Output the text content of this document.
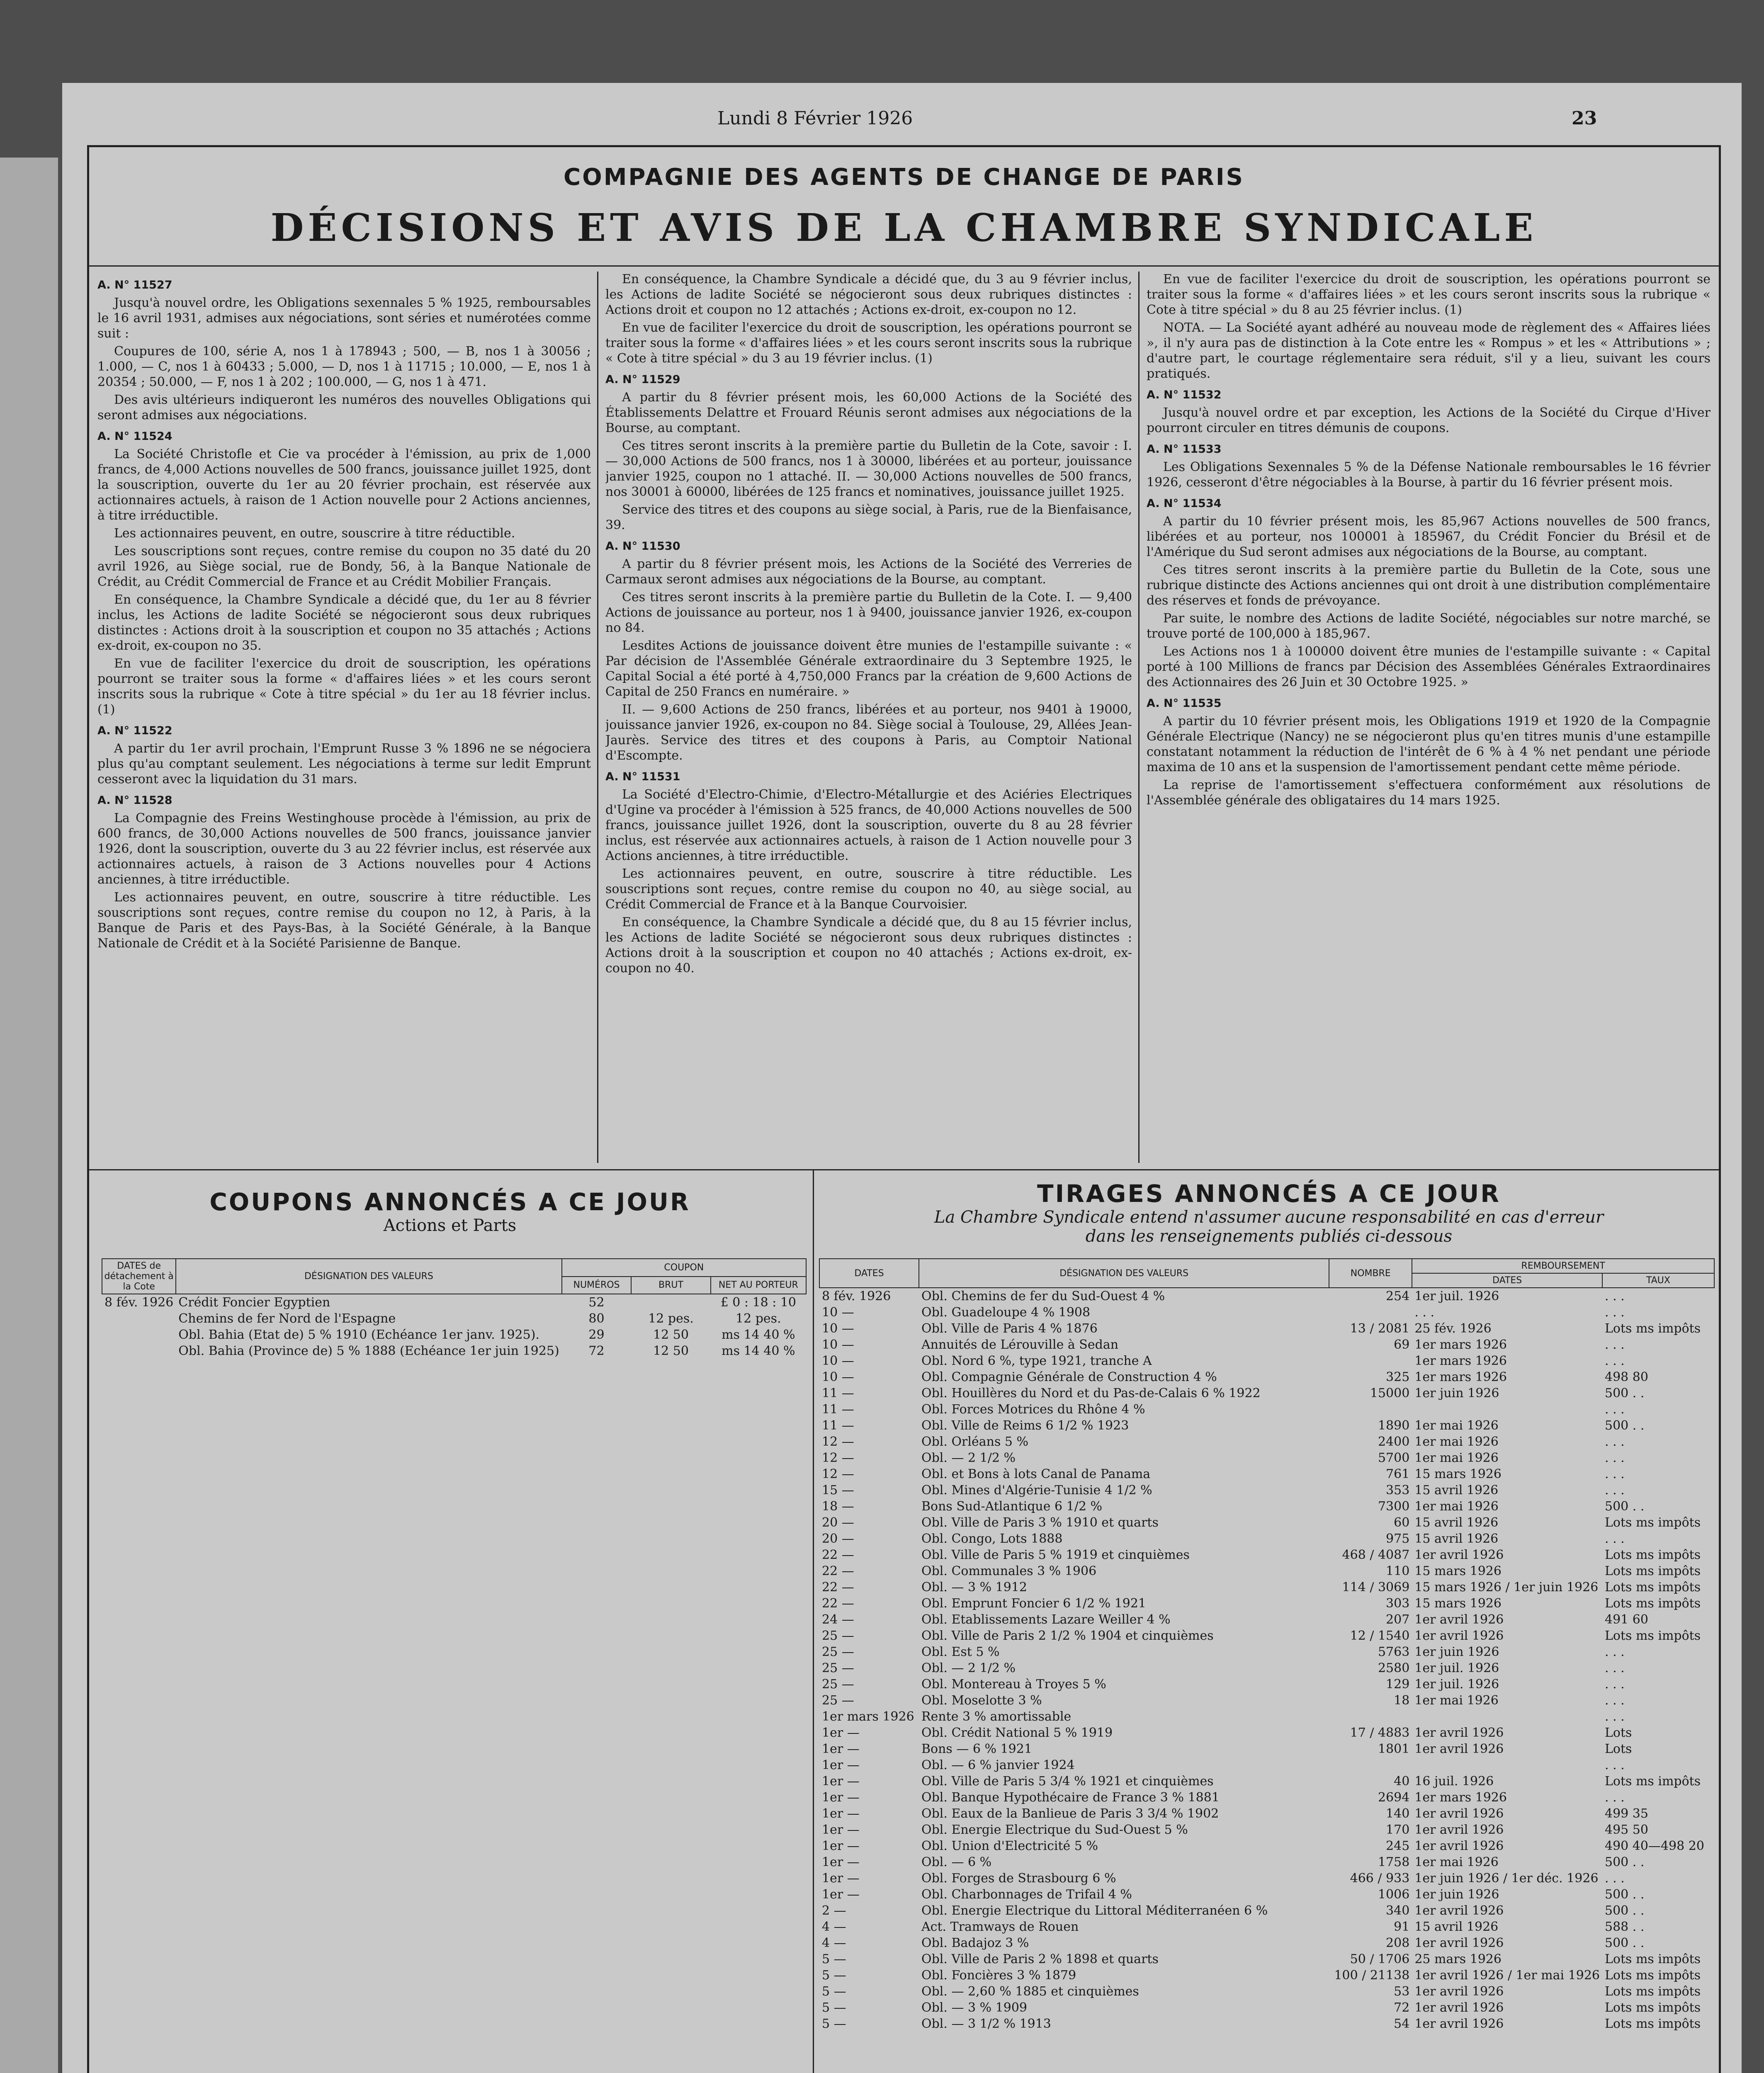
Lundi 8 Février 1926	23
COMPAGNIE DES AGENTS DE CHANGE DE PARIS
DÉCISIONS ET AVIS DE LA CHAMBRE SYNDICALE

A. N° 11527

Jusqu'à nouvel ordre, les Obligations sexennales 5 % 1925, remboursables le 16 avril 1931, admises aux négociations, sont séries et numérotées comme suit :

Coupures de 100, série A, nos 1 à 178943 ; 500, — B, nos 1 à 30056 ; 1.000, — C, nos 1 à 60433 ; 5.000, — D, nos 1 à 11715 ; 10.000, — E, nos 1 à 20354 ; 50.000, — F, nos 1 à 202 ; 100.000, — G, nos 1 à 471.

Des avis ultérieurs indiqueront les numéros des nouvelles Obligations qui seront admises aux négociations.

A. N° 11524

La Société Christofle et Cie va procéder à l'émission, au prix de 1,000 francs, de 4,000 Actions nouvelles de 500 francs, jouissance juillet 1925, dont la souscription, ouverte du 1er au 20 février prochain, est réservée aux actionnaires actuels, à raison de 1 Action nouvelle pour 2 Actions anciennes, à titre irréductible.

Les actionnaires peuvent, en outre, souscrire à titre réductible.

Les souscriptions sont reçues, contre remise du coupon no 35 daté du 20 avril 1926, au Siège social, rue de Bondy, 56, à la Banque Nationale de Crédit, au Crédit Commercial de France et au Crédit Mobilier Français.

En conséquence, la Chambre Syndicale a décidé que, du 1er au 8 février inclus, les Actions de ladite Société se négocieront sous deux rubriques distinctes : Actions droit à la souscription et coupon no 35 attachés ; Actions ex-droit, ex-coupon no 35.

En vue de faciliter l'exercice du droit de souscription, les opérations pourront se traiter sous la forme « d'affaires liées » et les cours seront inscrits sous la rubrique « Cote à titre spécial » du 1er au 18 février inclus. (1)

A. N° 11522

A partir du 1er avril prochain, l'Emprunt Russe 3 % 1896 ne se négociera plus qu'au comptant seulement. Les négociations à terme sur ledit Emprunt cesseront avec la liquidation du 31 mars.

A. N° 11528

La Compagnie des Freins Westinghouse procède à l'émission, au prix de 600 francs, de 30,000 Actions nouvelles de 500 francs, jouissance janvier 1926, dont la souscription, ouverte du 3 au 22 février inclus, est réservée aux actionnaires actuels, à raison de 3 Actions nouvelles pour 4 Actions anciennes, à titre irréductible.

Les actionnaires peuvent, en outre, souscrire à titre réductible. Les souscriptions sont reçues, contre remise du coupon no 12, à Paris, à la Banque de Paris et des Pays-Bas, à la Société Générale, à la Banque Nationale de Crédit et à la Société Parisienne de Banque.

En conséquence, la Chambre Syndicale a décidé que, du 3 au 9 février inclus, les Actions de ladite Société se négocieront sous deux rubriques distinctes : Actions droit et coupon no 12 attachés ; Actions ex-droit, ex-coupon no 12.

En vue de faciliter l'exercice du droit de souscription, les opérations pourront se traiter sous la forme « d'affaires liées » et les cours seront inscrits sous la rubrique « Cote à titre spécial » du 3 au 19 février inclus. (1)

A. N° 11529

A partir du 8 février présent mois, les 60,000 Actions de la Société des Établissements Delattre et Frouard Réunis seront admises aux négociations de la Bourse, au comptant.

Ces titres seront inscrits à la première partie du Bulletin de la Cote, savoir : I. — 30,000 Actions de 500 francs, nos 1 à 30000, libérées et au porteur, jouissance janvier 1925, coupon no 1 attaché. II. — 30,000 Actions nouvelles de 500 francs, nos 30001 à 60000, libérées de 125 francs et nominatives, jouissance juillet 1925.

Service des titres et des coupons au siège social, à Paris, rue de la Bienfaisance, 39.

A. N° 11530

A partir du 8 février présent mois, les Actions de la Société des Verreries de Carmaux seront admises aux négociations de la Bourse, au comptant.

Ces titres seront inscrits à la première partie du Bulletin de la Cote. I. — 9,400 Actions de jouissance au porteur, nos 1 à 9400, jouissance janvier 1926, ex-coupon no 84.

Lesdites Actions de jouissance doivent être munies de l'estampille suivante : « Par décision de l'Assemblée Générale extraordinaire du 3 Septembre 1925, le Capital Social a été porté à 4,750,000 Francs par la création de 9,600 Actions de Capital de 250 Francs en numéraire. »

II. — 9,600 Actions de 250 francs, libérées et au porteur, nos 9401 à 19000, jouissance janvier 1926, ex-coupon no 84. Siège social à Toulouse, 29, Allées Jean-Jaurès. Service des titres et des coupons à Paris, au Comptoir National d'Escompte.

A. N° 11531

La Société d'Electro-Chimie, d'Electro-Métallurgie et des Aciéries Electriques d'Ugine va procéder à l'émission à 525 francs, de 40,000 Actions nouvelles de 500 francs, jouissance juillet 1926, dont la souscription, ouverte du 8 au 28 février inclus, est réservée aux actionnaires actuels, à raison de 1 Action nouvelle pour 3 Actions anciennes, à titre irréductible.

Les actionnaires peuvent, en outre, souscrire à titre réductible. Les souscriptions sont reçues, contre remise du coupon no 40, au siège social, au Crédit Commercial de France et à la Banque Courvoisier.

En conséquence, la Chambre Syndicale a décidé que, du 8 au 15 février inclus, les Actions de ladite Société se négocieront sous deux rubriques distinctes : Actions droit à la souscription et coupon no 40 attachés ; Actions ex-droit, ex-coupon no 40.

En vue de faciliter l'exercice du droit de souscription, les opérations pourront se traiter sous la forme « d'affaires liées » et les cours seront inscrits sous la rubrique « Cote à titre spécial » du 8 au 25 février inclus. (1)

NOTA. — La Société ayant adhéré au nouveau mode de règlement des « Affaires liées », il n'y aura pas de distinction à la Cote entre les « Rompus » et les « Attributions » ; d'autre part, le courtage réglementaire sera réduit, s'il y a lieu, suivant les cours pratiqués.

A. N° 11532

Jusqu'à nouvel ordre et par exception, les Actions de la Société du Cirque d'Hiver pourront circuler en titres démunis de coupons.

A. N° 11533

Les Obligations Sexennales 5 % de la Défense Nationale remboursables le 16 février 1926, cesseront d'être négociables à la Bourse, à partir du 16 février présent mois.

A. N° 11534

A partir du 10 février présent mois, les 85,967 Actions nouvelles de 500 francs, libérées et au porteur, nos 100001 à 185967, du Crédit Foncier du Brésil et de l'Amérique du Sud seront admises aux négociations de la Bourse, au comptant.

Ces titres seront inscrits à la première partie du Bulletin de la Cote, sous une rubrique distincte des Actions anciennes qui ont droit à une distribution complémentaire des réserves et fonds de prévoyance.

Par suite, le nombre des Actions de ladite Société, négociables sur notre marché, se trouve porté de 100,000 à 185,967.

Les Actions nos 1 à 100000 doivent être munies de l'estampille suivante : « Capital porté à 100 Millions de francs par Décision des Assemblées Générales Extraordinaires des Actionnaires des 26 Juin et 30 Octobre 1925. »

A. N° 11535

A partir du 10 février présent mois, les Obligations 1919 et 1920 de la Compagnie Générale Electrique (Nancy) ne se négocieront plus qu'en titres munis d'une estampille constatant notamment la réduction de l'intérêt de 6 % à 4 % net pendant une période maxima de 10 ans et la suspension de l'amortissement pendant cette même période.

La reprise de l'amortissement s'effectuera conformément aux résolutions de l'Assemblée générale des obligataires du 14 mars 1925.

COUPONS ANNONCÉS A CE JOUR
Actions et Parts
DATES de détachement à la Cote	DÉSIGNATION DES VALEURS	COUPON		
		NUMÉROS	BRUT	NET AU PORTEUR
8 fév. 1926	Crédit Foncier Egyptien	52		£ 0 : 18 : 10
	Chemins de fer Nord de l'Espagne	80	12 pes.	12 pes.
	Obl. Bahia (Etat de) 5 % 1910 (Echéance 1er janv. 1925).	29	12 50	ms 14 40 %
	Obl. Bahia (Province de) 5 % 1888 (Echéance 1er juin 1925)	72	12 50	ms 14 40 %
TIRAGES ANNONCÉS A CE JOUR
La Chambre Syndicale entend n'assumer aucune responsabilité en cas d'erreur
dans les renseignements publiés ci-dessous
DATES	DÉSIGNATION DES VALEURS	NOMBRE	REMBOURSEMENT	
			DATES	TAUX
8 fév. 1926	Obl. Chemins de fer du Sud-Ouest 4 %	254	1er juil. 1926	. . .
10 —	Obl. Guadeloupe 4 % 1908		. . .	. . .
10 —	Obl. Ville de Paris 4 % 1876	13 / 2081	25 fév. 1926	Lots ms impôts
10 —	Annuités de Lérouville à Sedan	69	1er mars 1926	. . .
10 —	Obl. Nord 6 %, type 1921, tranche A		1er mars 1926	. . .
10 —	Obl. Compagnie Générale de Construction 4 %	325	1er mars 1926	498 80
11 —	Obl. Houillères du Nord et du Pas-de-Calais 6 % 1922	15000	1er juin 1926	500 . .
11 —	Obl. Forces Motrices du Rhône 4 %			. . .
11 —	Obl. Ville de Reims 6 1/2 % 1923	1890	1er mai 1926	500 . .
12 —	Obl. Orléans 5 %	2400	1er mai 1926	. . .
12 —	Obl. — 2 1/2 %	5700	1er mai 1926	. . .
12 —	Obl. et Bons à lots Canal de Panama	761	15 mars 1926	. . .
15 —	Obl. Mines d'Algérie-Tunisie 4 1/2 %	353	15 avril 1926	. . .
18 —	Bons Sud-Atlantique 6 1/2 %	7300	1er mai 1926	500 . .
20 —	Obl. Ville de Paris 3 % 1910 et quarts	60	15 avril 1926	Lots ms impôts
20 —	Obl. Congo, Lots 1888	975	15 avril 1926	. . .
22 —	Obl. Ville de Paris 5 % 1919 et cinquièmes	468 / 4087	1er avril 1926	Lots ms impôts
22 —	Obl. Communales 3 % 1906	110	15 mars 1926	Lots ms impôts
22 —	Obl. — 3 % 1912	114 / 3069	15 mars 1926 / 1er juin 1926	Lots ms impôts
22 —	Obl. Emprunt Foncier 6 1/2 % 1921	303	15 mars 1926	Lots ms impôts
24 —	Obl. Etablissements Lazare Weiller 4 %	207	1er avril 1926	491 60
25 —	Obl. Ville de Paris 2 1/2 % 1904 et cinquièmes	12 / 1540	1er avril 1926	Lots ms impôts
25 —	Obl. Est 5 %	5763	1er juin 1926	. . .
25 —	Obl. — 2 1/2 %	2580	1er juil. 1926	. . .
25 —	Obl. Montereau à Troyes 5 %	129	1er juil. 1926	. . .
25 —	Obl. Moselotte 3 %	18	1er mai 1926	. . .
1er mars 1926	Rente 3 % amortissable			. . .
1er —	Obl. Crédit National 5 % 1919	17 / 4883	1er avril 1926	Lots
1er —	Bons — 6 % 1921	1801	1er avril 1926	Lots
1er —	Obl. — 6 % janvier 1924			. . .
1er —	Obl. Ville de Paris 5 3/4 % 1921 et cinquièmes	40	16 juil. 1926	Lots ms impôts
1er —	Obl. Banque Hypothécaire de France 3 % 1881	2694	1er mars 1926	. . .
1er —	Obl. Eaux de la Banlieue de Paris 3 3/4 % 1902	140	1er avril 1926	499 35
1er —	Obl. Energie Electrique du Sud-Ouest 5 %	170	1er avril 1926	495 50
1er —	Obl. Union d'Electricité 5 %	245	1er avril 1926	490 40—498 20
1er —	Obl. — 6 %	1758	1er mai 1926	500 . .
1er —	Obl. Forges de Strasbourg 6 %	466 / 933	1er juin 1926 / 1er déc. 1926	. . .
1er —	Obl. Charbonnages de Trifail 4 %	1006	1er juin 1926	500 . .
2 —	Obl. Energie Electrique du Littoral Méditerranéen 6 %	340	1er avril 1926	500 . .
4 —	Act. Tramways de Rouen	91	15 avril 1926	588 . .
4 —	Obl. Badajoz 3 %	208	1er avril 1926	500 . .
5 —	Obl. Ville de Paris 2 % 1898 et quarts	50 / 1706	25 mars 1926	Lots ms impôts
5 —	Obl. Foncières 3 % 1879	100 / 21138	1er avril 1926 / 1er mai 1926	Lots ms impôts
5 —	Obl. — 2,60 % 1885 et cinquièmes	53	1er avril 1926	Lots ms impôts
5 —	Obl. — 3 % 1909	72	1er avril 1926	Lots ms impôts
5 —	Obl. — 3 1/2 % 1913	54	1er avril 1926	Lots ms impôts
